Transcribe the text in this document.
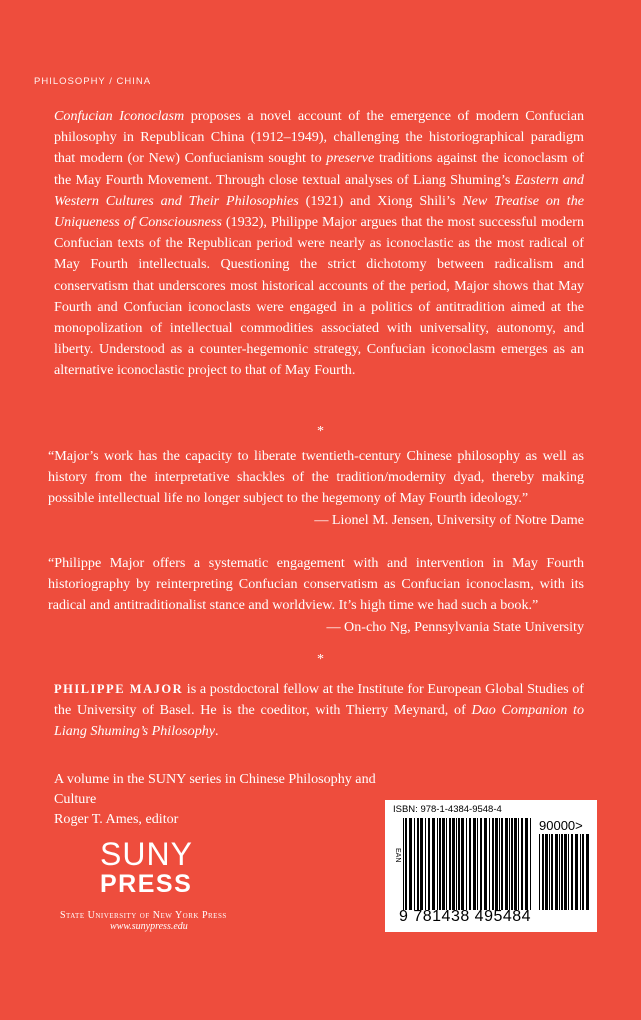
PHILOSOPHY / CHINA

Confucian Iconoclasm proposes a novel account of the emergence of modern Confucian philosophy in Republican China (1912–1949), challenging the historiographical paradigm that modern (or New) Confucianism sought to preserve traditions against the iconoclasm of the May Fourth Movement. Through close textual analyses of Liang Shuming’s Eastern and Western Cultures and Their Philosophies (1921) and Xiong Shili’s New Treatise on the Uniqueness of Consciousness (1932), Philippe Major argues that the most successful modern Confucian texts of the Republican period were nearly as iconoclastic as the most radical of May Fourth intellectuals. Questioning the strict dichotomy between radicalism and conservatism that underscores most historical accounts of the period, Major shows that May Fourth and Confucian iconoclasts were engaged in a politics of antitradition aimed at the monopolization of intellectual commodities associated with universality, autonomy, and liberty. Understood as a counter-hegemonic strategy, Confucian iconoclasm emerges as an alternative iconoclastic project to that of May Fourth.

*

“Major’s work has the capacity to liberate twentieth-century Chinese philosophy as well as history from the interpretative shackles of the tradition/modernity dyad, thereby making possible intellectual life no longer subject to the hegemony of May Fourth ideology.”

— Lionel M. Jensen, University of Notre Dame

“Philippe Major offers a systematic engagement with and intervention in May Fourth historiography by reinterpreting Confucian conservatism as Confucian iconoclasm, with its radical and antitraditionalist stance and worldview. It’s high time we had such a book.”

— On-cho Ng, Pennsylvania State University
*
PHILIPPE MAJOR is a postdoctoral fellow at the Institute for European Global Studies of the University of Basel. He is the coeditor, with Thierry Meynard, of Dao Companion to Liang Shuming’s Philosophy.
A volume in the SUNY series in Chinese Philosophy and Culture
Roger T. Ames, editor
SUNY
PRESS
State University of New York Press
www.sunypress.edu
ISBN: 978-1-4384-9548-4
EAN
90000>
9 781438 495484
